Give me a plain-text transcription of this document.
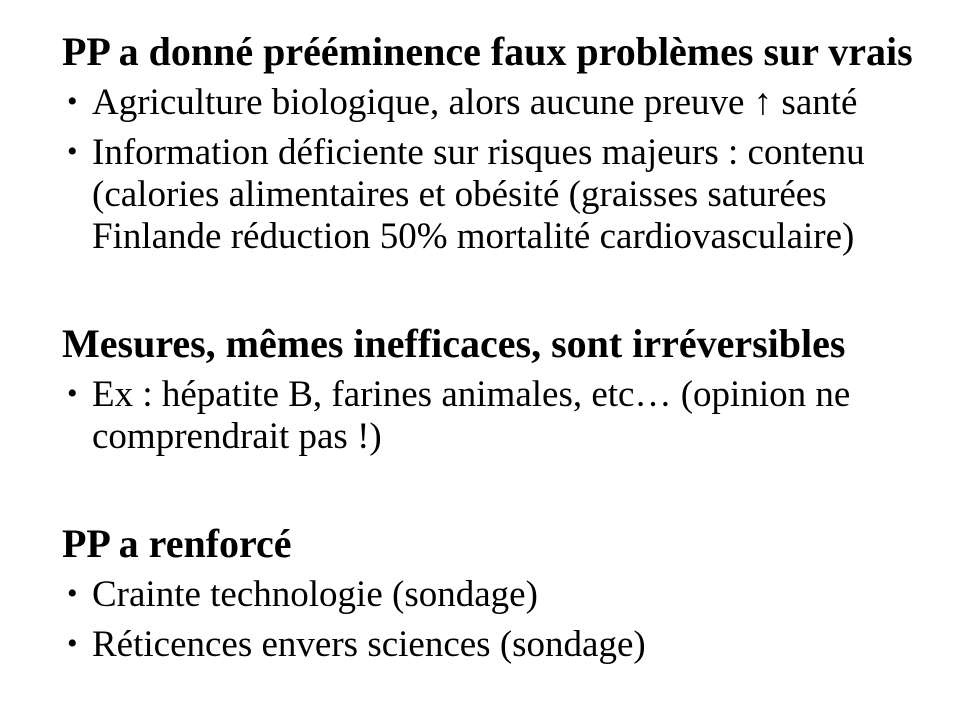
PP a donné prééminence faux problèmes sur vrais
• Agriculture biologique, alors aucune preuve ↑ santé
• Information déficiente sur risques majeurs : contenu (calories alimentaires et obésité (graisses saturées Finlande réduction 50% mortalité cardiovasculaire)
Mesures, mêmes inefficaces, sont irréversibles
• Ex : hépatite B, farines animales, etc… (opinion ne comprendrait pas !)
PP a renforcé
• Crainte technologie (sondage)
• Réticences envers sciences (sondage)
